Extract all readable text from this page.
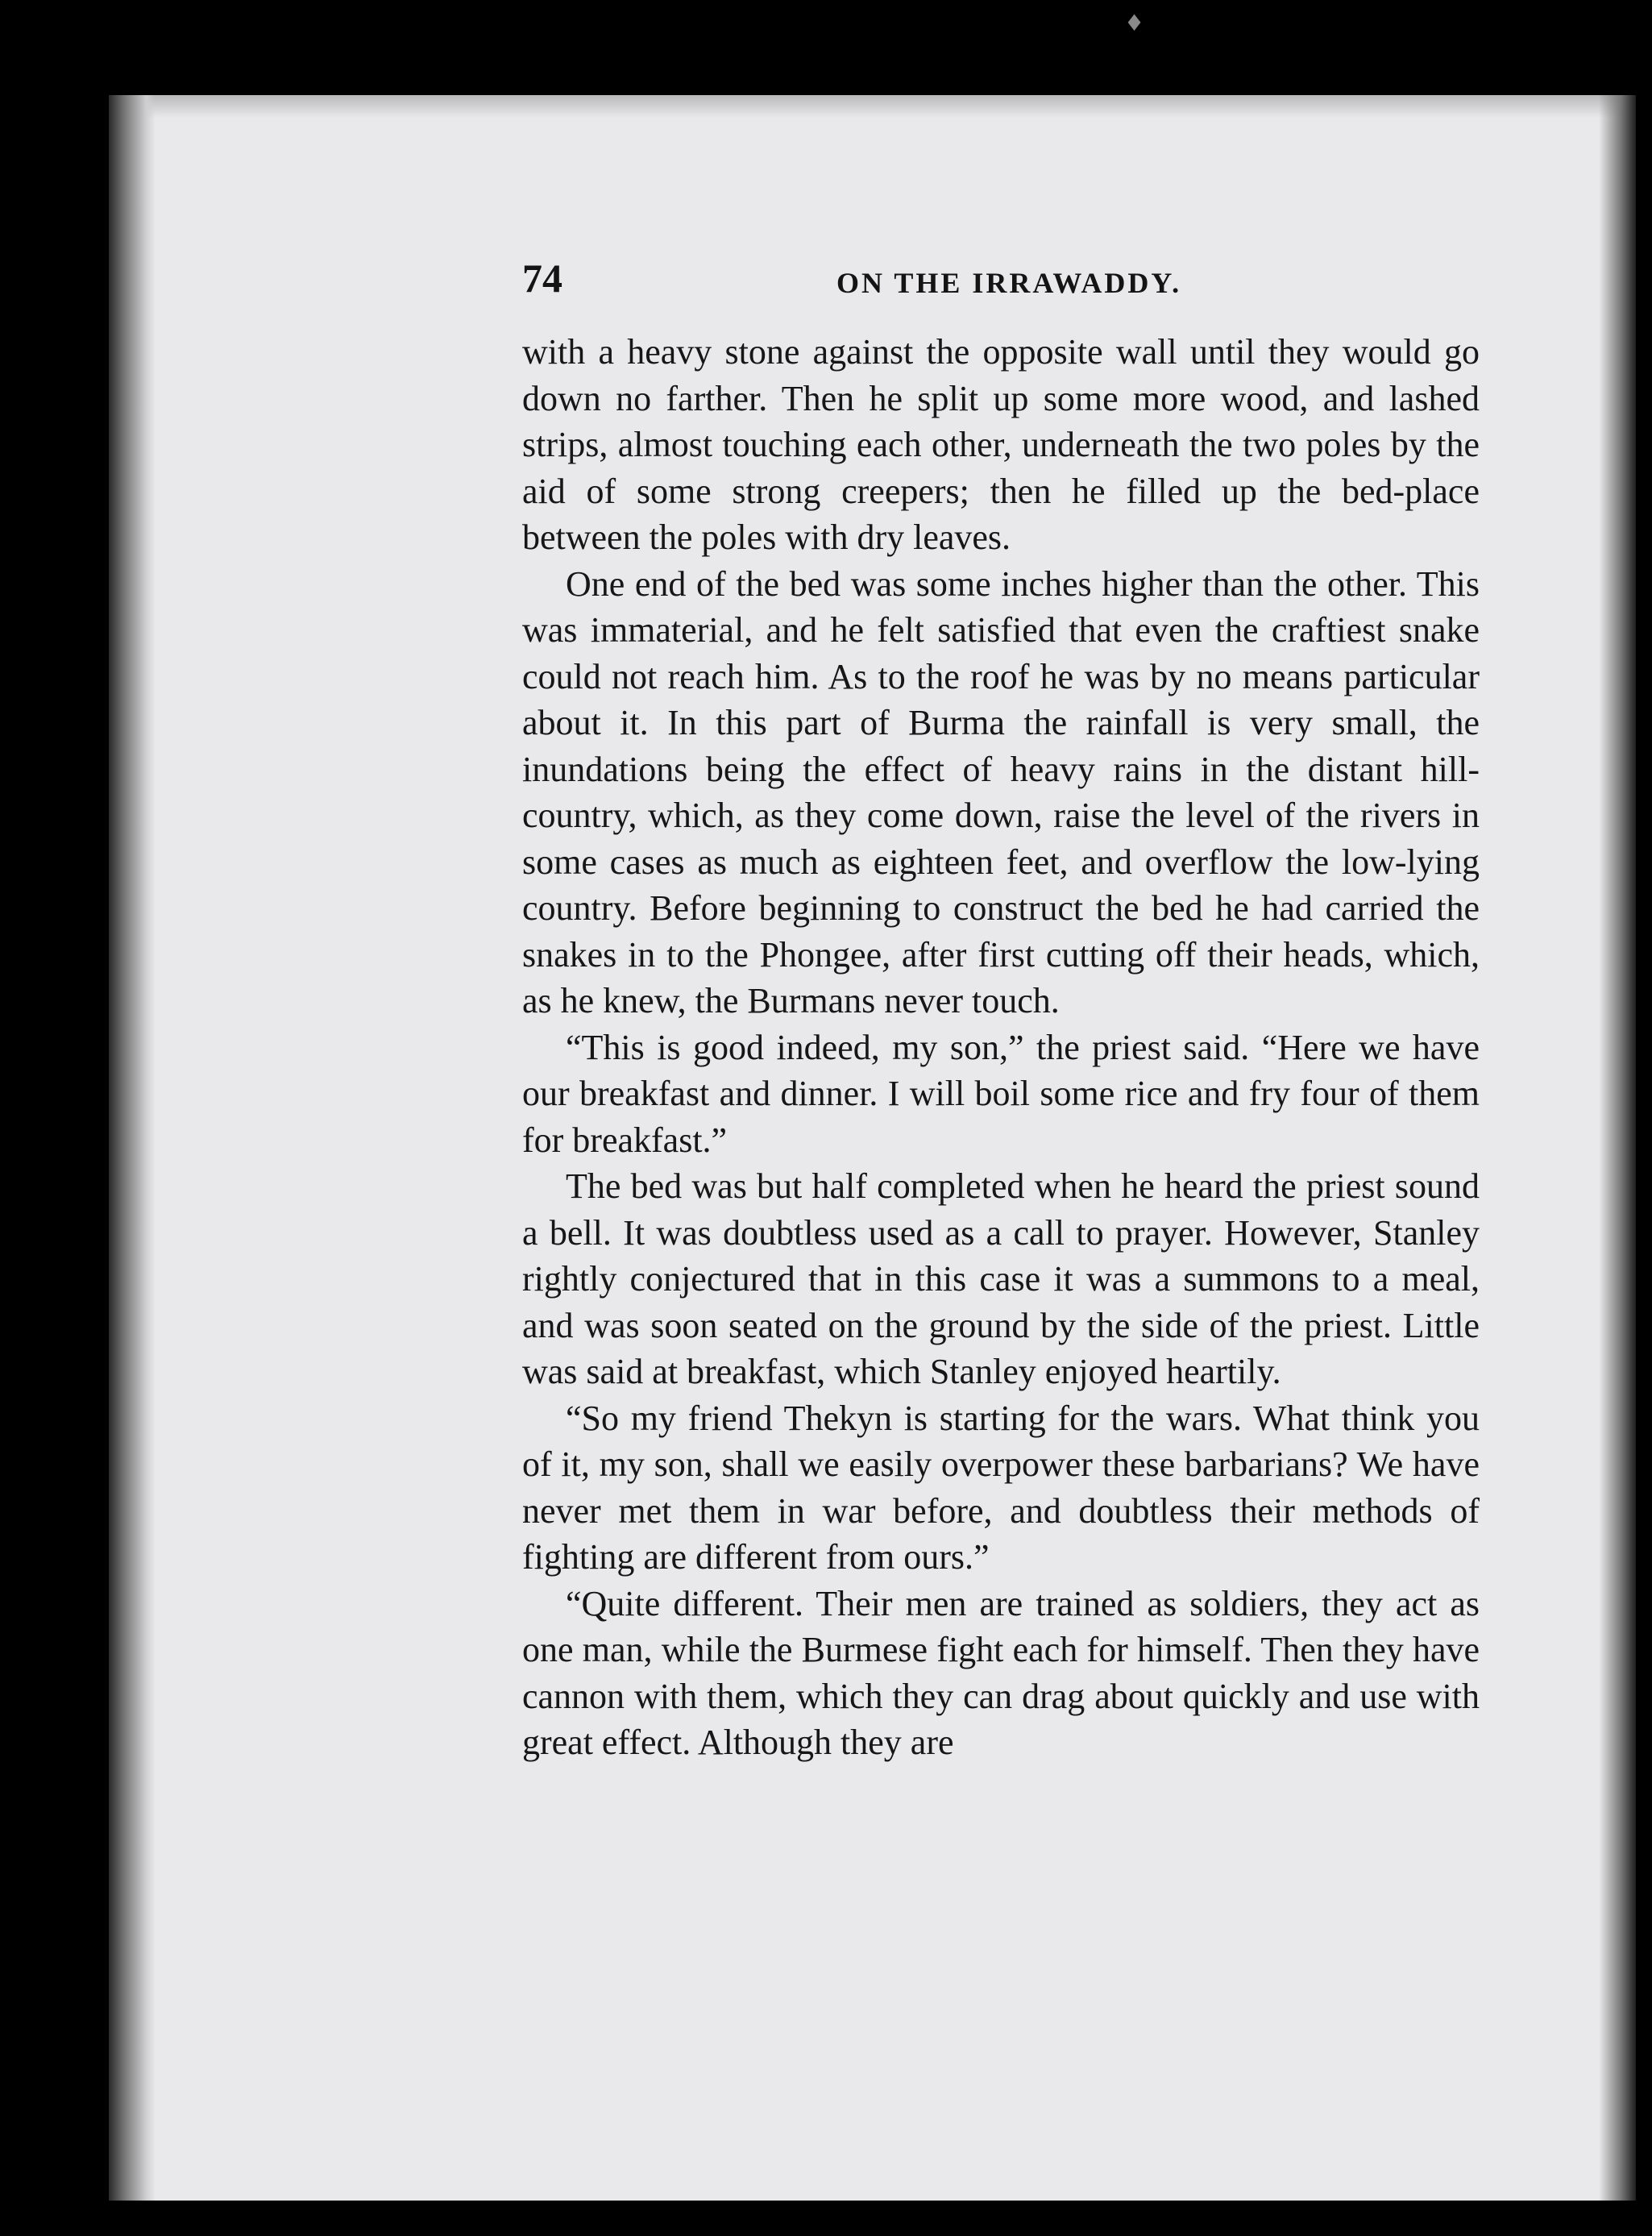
♦
74	ON THE IRRAWADDY.

with a heavy stone against the opposite wall until they would go down no farther. Then he split up some more wood, and lashed strips, almost touching each other, underneath the two poles by the aid of some strong creepers; then he filled up the bed-place between the poles with dry leaves.

One end of the bed was some inches higher than the other. This was immaterial, and he felt satisfied that even the craftiest snake could not reach him. As to the roof he was by no means particular about it. In this part of Burma the rainfall is very small, the inundations being the effect of heavy rains in the distant hill-country, which, as they come down, raise the level of the rivers in some cases as much as eighteen feet, and overflow the low-lying country. Before beginning to construct the bed he had carried the snakes in to the Phongee, after first cutting off their heads, which, as he knew, the Burmans never touch.

“This is good indeed, my son,” the priest said. “Here we have our breakfast and dinner. I will boil some rice and fry four of them for breakfast.”

The bed was but half completed when he heard the priest sound a bell. It was doubtless used as a call to prayer. However, Stanley rightly conjectured that in this case it was a summons to a meal, and was soon seated on the ground by the side of the priest. Little was said at breakfast, which Stanley enjoyed heartily.

“So my friend Thekyn is starting for the wars. What think you of it, my son, shall we easily overpower these barbarians? We have never met them in war before, and doubtless their methods of fighting are different from ours.”

“Quite different. Their men are trained as soldiers, they act as one man, while the Burmese fight each for himself. Then they have cannon with them, which they can drag about quickly and use with great effect. Although they are
